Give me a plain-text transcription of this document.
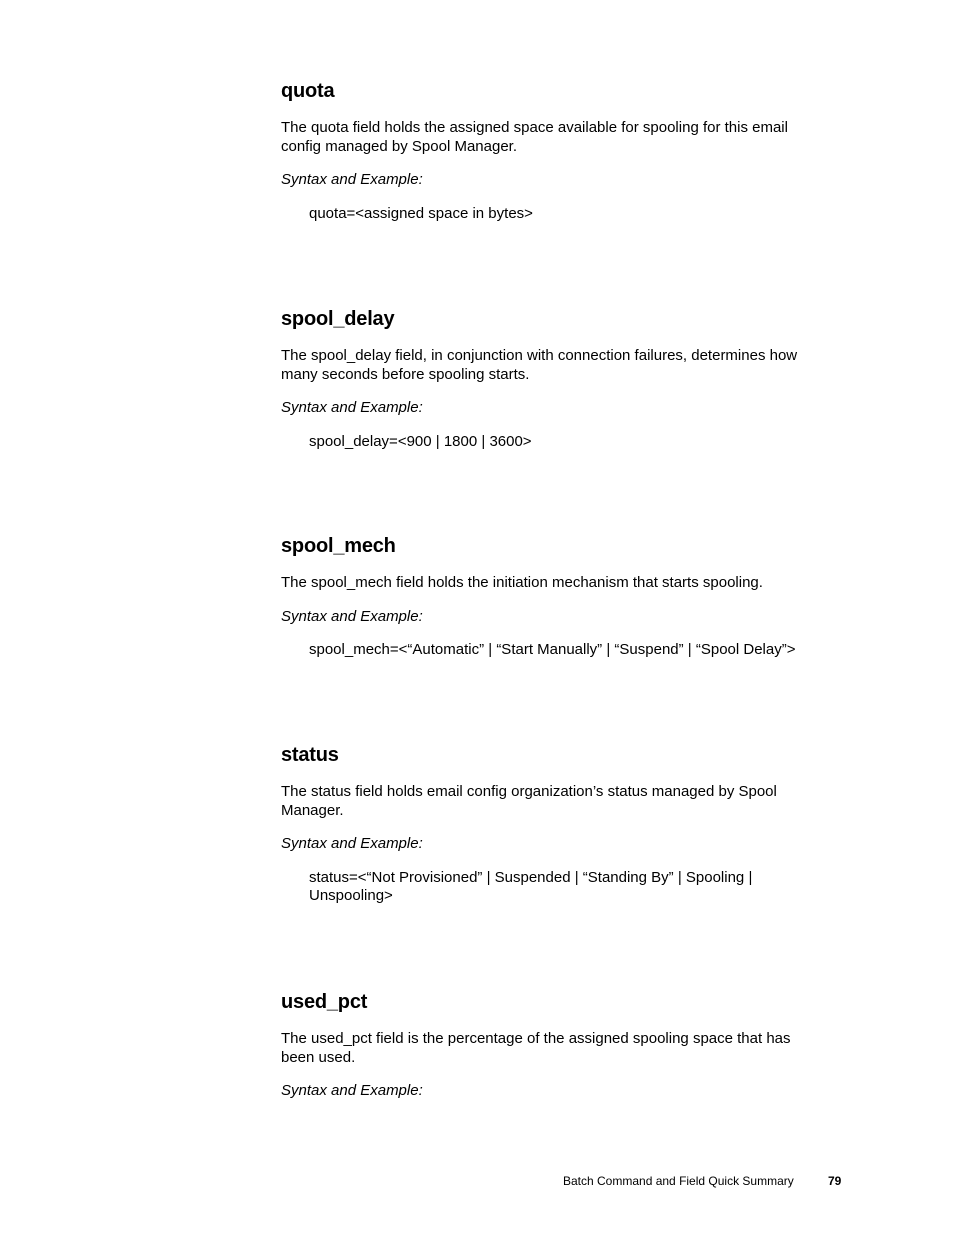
quota

The quota field holds the assigned space available for spooling for this email config managed by Spool Manager.

Syntax and Example:

quota=<assigned space in bytes>

spool_delay

The spool_delay field, in conjunction with connection failures, determines how many seconds before spooling starts.

Syntax and Example:

spool_delay=<900 | 1800 | 3600>

spool_mech

The spool_mech field holds the initiation mechanism that starts spooling.

Syntax and Example:

spool_mech=<“Automatic” | “Start Manually” | “Suspend” | “Spool Delay”>

status

The status field holds email config organization’s status managed by Spool Manager.

Syntax and Example:

status=<“Not Provisioned” | Suspended | “Standing By” | Spooling | Unspooling>

used_pct

The used_pct field is the percentage of the assigned spooling space that has been used.

Syntax and Example:

Batch Command and Field Quick Summary	79
